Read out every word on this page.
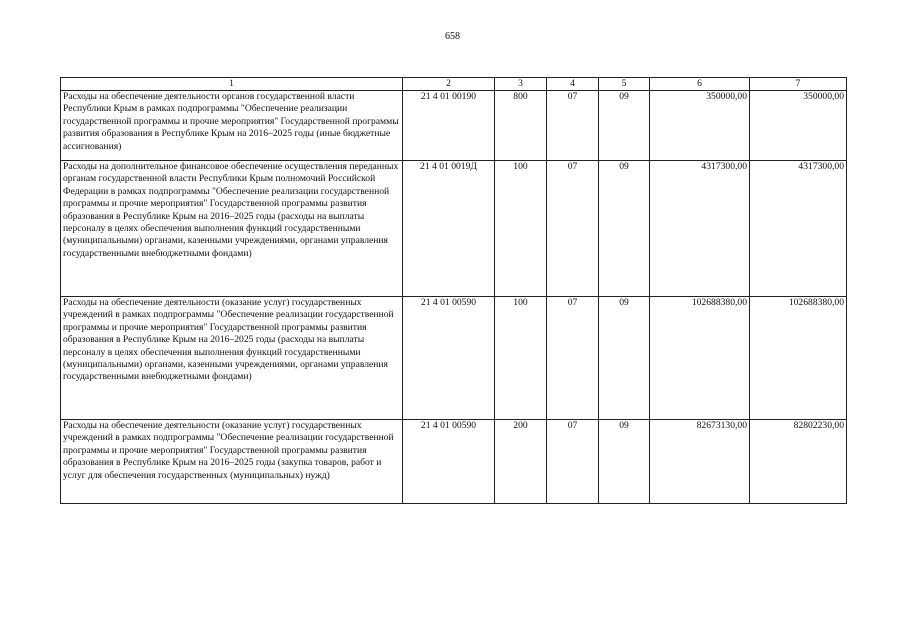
658
1	2	3	4	5	6	7
Расходы на обеспечение деятельности органов государственной власти Республики Крым в рамках подпрограммы "Обеспечение реализации государственной программы и прочие мероприятия" Государственной программы развития образования в Республике Крым на 2016–2025 годы (иные бюджетные ассигнования)	21 4 01 00190	800	07	09	350000,00	350000,00
Расходы на дополнительное финансовое обеспечение осуществления переданных органам государственной власти Республики Крым полномочий Российской Федерации в рамках подпрограммы "Обеспечение реализации государственной программы и прочие мероприятия" Государственной программы развития образования в Республике Крым на 2016–2025 годы (расходы на выплаты персоналу в целях обеспечения выполнения функций государственными (муниципальными) органами, казенными учреждениями, органами управления государственными внебюджетными фондами)	21 4 01 0019Д	100	07	09	4317300,00	4317300,00
Расходы на обеспечение деятельности (оказание услуг) государственных учреждений в рамках подпрограммы "Обеспечение реализации государственной программы и прочие мероприятия" Государственной программы развития образования в Республике Крым на 2016–2025 годы (расходы на выплаты персоналу в целях обеспечения выполнения функций государственными (муниципальными) органами, казенными учреждениями, органами управления государственными внебюджетными фондами)	21 4 01 00590	100	07	09	102688380,00	102688380,00
Расходы на обеспечение деятельности (оказание услуг) государственных учреждений в рамках подпрограммы "Обеспечение реализации государственной программы и прочие мероприятия" Государственной программы развития образования в Республике Крым на 2016–2025 годы (закупка товаров, работ и услуг для обеспечения государственных (муниципальных) нужд)	21 4 01 00590	200	07	09	82673130,00	82802230,00
